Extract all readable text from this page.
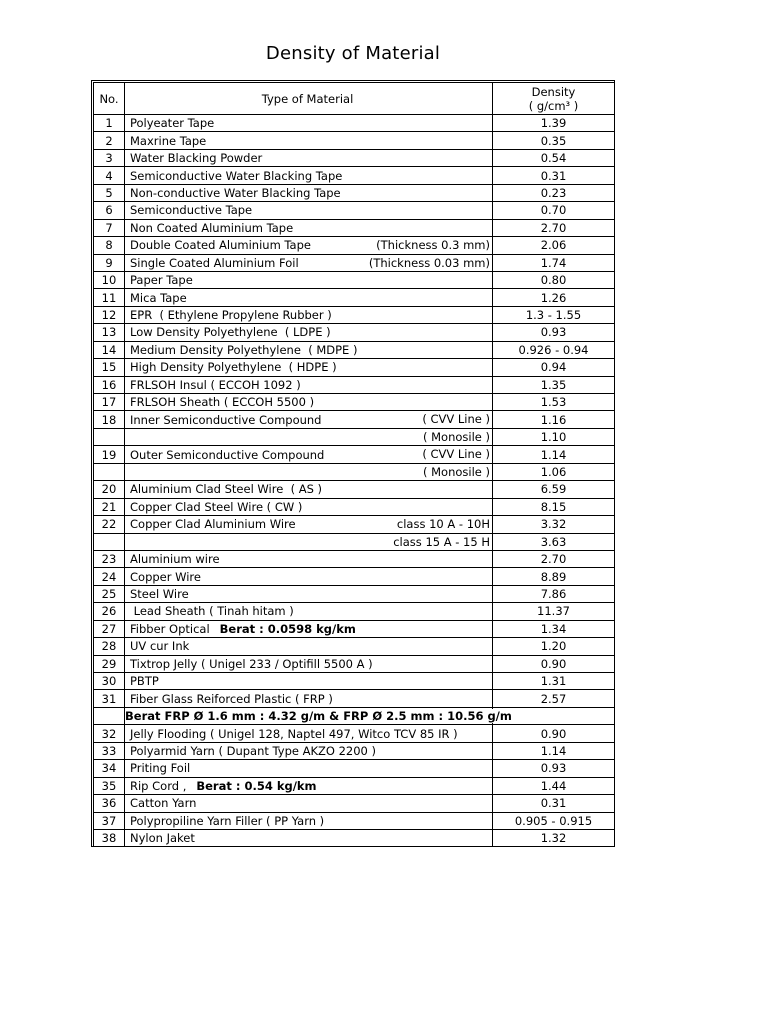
Density of Material
No.	Type of Material	Density
( g/cm³ )

1	Polyeater Tape	1.39
2	Maxrine Tape	0.35
3	Water Blacking Powder	0.54
4	Semiconductive Water Blacking Tape	0.31
5	Non-conductive Water Blacking Tape	0.23
6	Semiconductive Tape	0.70
7	Non Coated Aluminium Tape	2.70
8	Double Coated Aluminium Tape (Thickness 0.3 mm)	2.06
9	Single Coated Aluminium Foil (Thickness 0.03 mm)	1.74
10	Paper Tape	0.80
11	Mica Tape	1.26
12	EPR  ( Ethylene Propylene Rubber )	1.3 - 1.55
13	Low Density Polyethylene  ( LDPE )	0.93
14	Medium Density Polyethylene  ( MDPE )	0.926 - 0.94
15	High Density Polyethylene  ( HDPE )	0.94
16	FRLSOH Insul ( ECCOH 1092 )	1.35
17	FRLSOH Sheath ( ECCOH 5500 )	1.53
18	Inner Semiconductive Compound ( CVV Line )	1.16

	( Monosile )	1.10
19	Outer Semiconductive Compound ( CVV Line )	1.14

	( Monosile )	1.06
20	Aluminium Clad Steel Wire  ( AS )	6.59
21	Copper Clad Steel Wire ( CW )	8.15
22	Copper Clad Aluminium Wire class 10 A - 10H	3.32

	class 15 A - 15 H	3.63
23	Aluminium wire	2.70
24	Copper Wire	8.89
25	Steel Wire	7.86
26	Lead Sheath ( Tinah hitam )	11.37
27	Fibber Optical Berat : 0.0598 kg/km	1.34
28	UV cur Ink	1.20
29	Tixtrop Jelly ( Unigel 233 / Optifill 5500 A )	0.90
30	PBTP	1.31
31	Fiber Glass Reiforced Plastic ( FRP )	2.57
	Berat FRP Ø 1.6 mm : 4.32 g/m & FRP Ø 2.5 mm : 10.56 g/m	
32	Jelly Flooding ( Unigel 128, Naptel 497, Witco TCV 85 IR )	0.90
33	Polyarmid Yarn ( Dupant Type AKZO 2200 )	1.14
34	Priting Foil	0.93
35	Rip Cord , Berat : 0.54 kg/km	1.44
36	Catton Yarn	0.31
37	Polypropiline Yarn Filler ( PP Yarn )	0.905 - 0.915
38	Nylon Jaket	1.32
